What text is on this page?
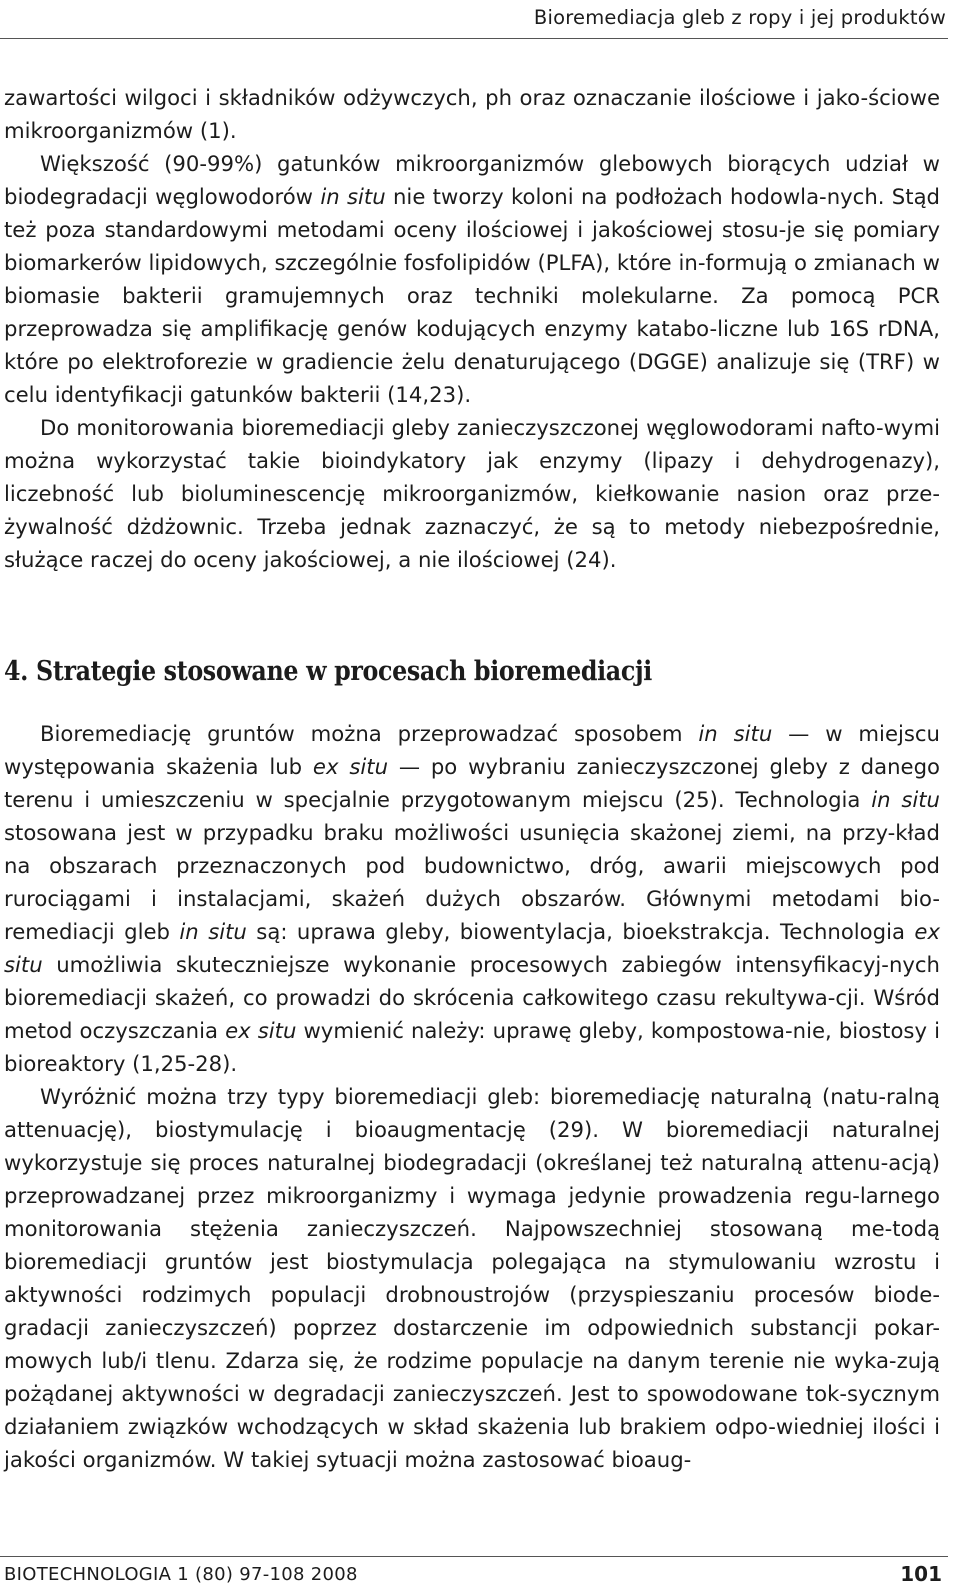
Bioremediacja gleb z ropy i jej produktów

zawartości wilgoci i składników odżywczych, ph oraz oznaczanie ilościowe i jako-ściowe mikroorganizmów (1).

Większość (90-99%) gatunków mikroorganizmów glebowych biorących udział w biodegradacji węglowodorów in situ nie tworzy koloni na podłożach hodowla-nych. Stąd też poza standardowymi metodami oceny ilościowej i jakościowej stosu-je się pomiary biomarkerów lipidowych, szczególnie fosfolipidów (PLFA), które in-formują o zmianach w biomasie bakterii gramujemnych oraz techniki molekularne. Za pomocą PCR przeprowadza się amplifikację genów kodujących enzymy katabo-liczne lub 16S rDNA, które po elektroforezie w gradiencie żelu denaturującego (DGGE) analizuje się (TRF) w celu identyfikacji gatunków bakterii (14,23).

Do monitorowania bioremediacji gleby zanieczyszczonej węglowodorami nafto-wymi można wykorzystać takie bioindykatory jak enzymy (lipazy i dehydrogenazy), liczebność lub bioluminescencję mikroorganizmów, kiełkowanie nasion oraz prze-żywalność dżdżownic. Trzeba jednak zaznaczyć, że są to metody niebezpośrednie, służące raczej do oceny jakościowej, a nie ilościowej (24).

4. Strategie stosowane w procesach bioremediacji

Bioremediację gruntów można przeprowadzać sposobem in situ — w miejscu występowania skażenia lub ex situ — po wybraniu zanieczyszczonej gleby z danego terenu i umieszczeniu w specjalnie przygotowanym miejscu (25). Technologia in situ stosowana jest w przypadku braku możliwości usunięcia skażonej ziemi, na przy-kład na obszarach przeznaczonych pod budownictwo, dróg, awarii miejscowych pod rurociągami i instalacjami, skażeń dużych obszarów. Głównymi metodami bio-remediacji gleb in situ są: uprawa gleby, biowentylacja, bioekstrakcja. Technologia ex situ umożliwia skuteczniejsze wykonanie procesowych zabiegów intensyfikacyj-nych bioremediacji skażeń, co prowadzi do skrócenia całkowitego czasu rekultywa-cji. Wśród metod oczyszczania ex situ wymienić należy: uprawę gleby, kompostowa-nie, biostosy i bioreaktory (1,25-28).

Wyróżnić można trzy typy bioremediacji gleb: bioremediację naturalną (natu-ralną attenuację), biostymulację i bioaugmentację (29). W bioremediacji naturalnej wykorzystuje się proces naturalnej biodegradacji (określanej też naturalną attenu-acją) przeprowadzanej przez mikroorganizmy i wymaga jedynie prowadzenia regu-larnego monitorowania stężenia zanieczyszczeń. Najpowszechniej stosowaną me-todą bioremediacji gruntów jest biostymulacja polegająca na stymulowaniu wzrostu i aktywności rodzimych populacji drobnoustrojów (przyspieszaniu procesów biode-gradacji zanieczyszczeń) poprzez dostarczenie im odpowiednich substancji pokar-mowych lub/i tlenu. Zdarza się, że rodzime populacje na danym terenie nie wyka-zują pożądanej aktywności w degradacji zanieczyszczeń. Jest to spowodowane tok-sycznym działaniem związków wchodzących w skład skażenia lub brakiem odpo-wiedniej ilości i jakości organizmów. W takiej sytuacji można zastosować bioaug-

BIOTECHNOLOGIA 1 (80) 97-108 2008	101
